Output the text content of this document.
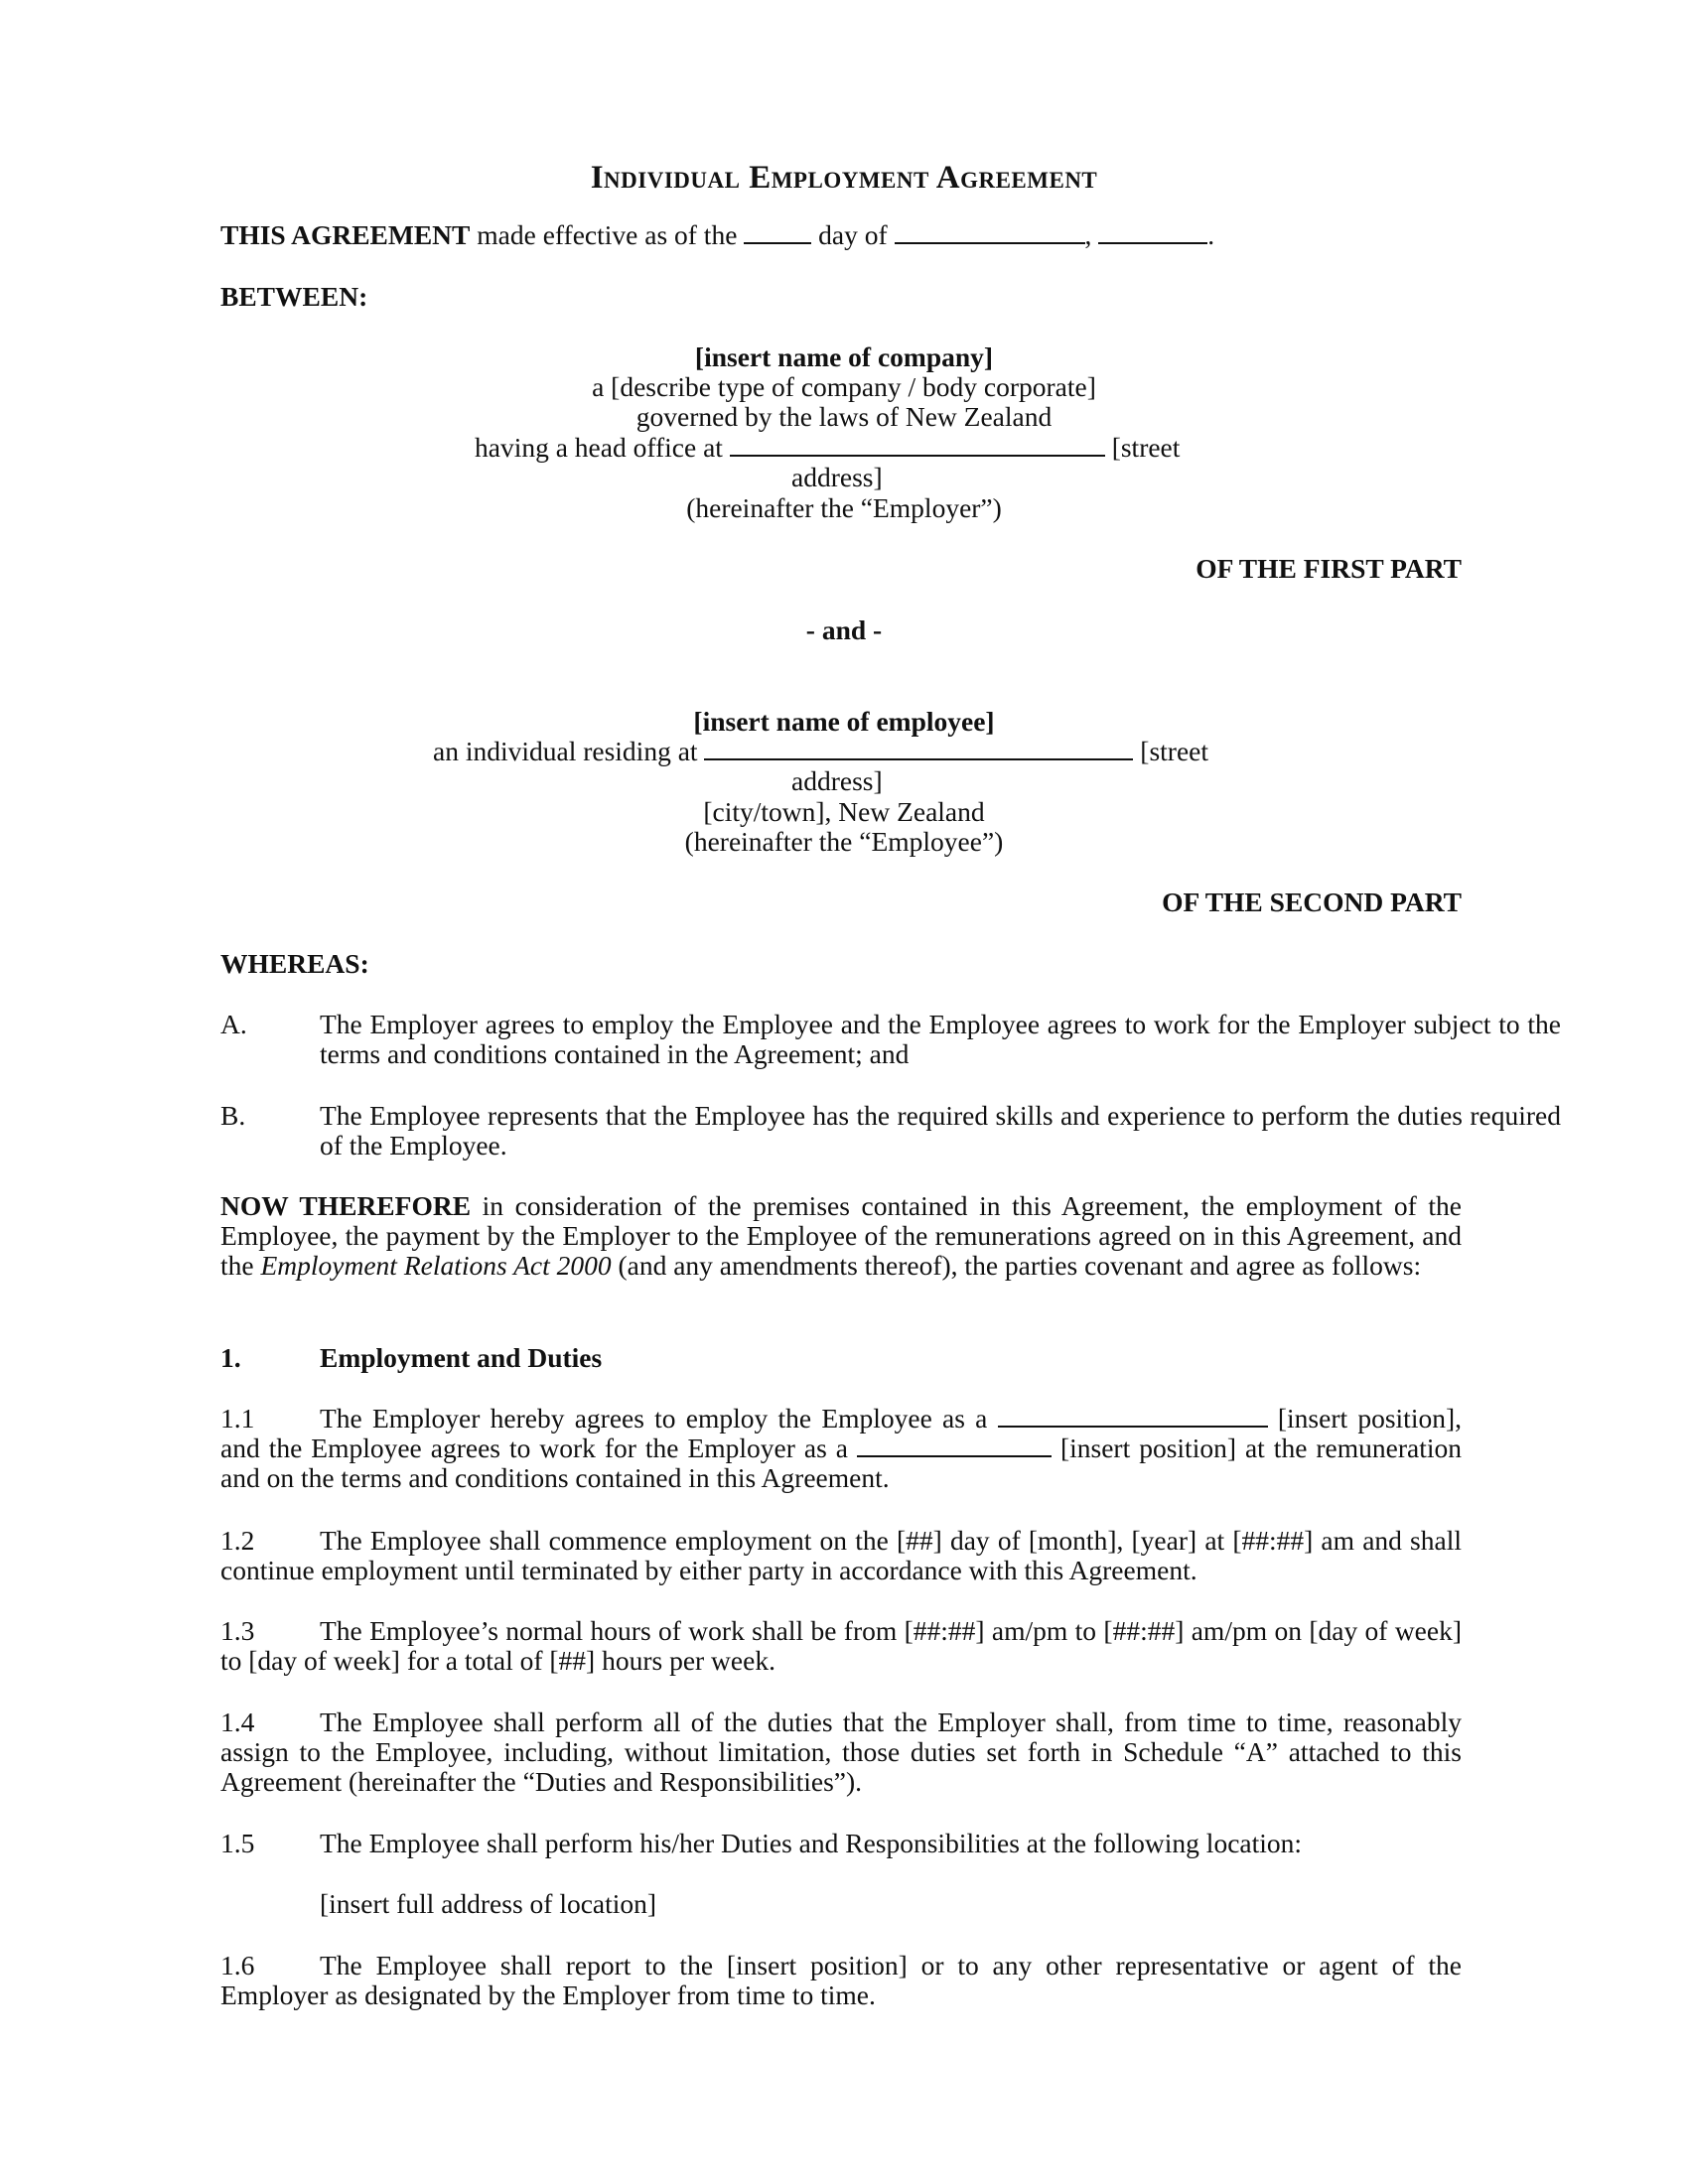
Individual Employment Agreement
THIS AGREEMENT made effective as of the	day of	,	.
BETWEEN:
[insert name of company]
a [describe type of company / body corporate]
governed by the laws of New Zealand
having a head office at	[street
address]
(hereinafter the “Employer”)
OF THE FIRST PART
- and -
[insert name of employee]
an individual residing at	[street
address]
[city/town], New Zealand
(hereinafter the “Employee”)
OF THE SECOND PART
WHEREAS:
A.	The Employer agrees to employ the Employee and the Employee agrees to work for the Employer subject to the terms and conditions contained in the Agreement; and
B.	The Employee represents that the Employee has the required skills and experience to perform the duties required of the Employee.
NOW THEREFORE in consideration of the premises contained in this Agreement, the employment of the Employee, the payment by the Employer to the Employee of the remunerations agreed on in this Agreement, and the Employment Relations Act 2000 (and any amendments thereof), the parties covenant and agree as follows:
1.	Employment and Duties
1.1 The Employer hereby agrees to employ the Employee as a	[insert position], and the Employee agrees to work for the Employer as a	[insert position] at the remuneration and on the terms and conditions contained in this Agreement.
1.2 The Employee shall commence employment on the [##] day of [month], [year] at [##:##] am and shall continue employment until terminated by either party in accordance with this Agreement.
1.3 The Employee’s normal hours of work shall be from [##:##] am/pm to [##:##] am/pm on [day of week] to [day of week] for a total of [##] hours per week.
1.4 The Employee shall perform all of the duties that the Employer shall, from time to time, reasonably assign to the Employee, including, without limitation, those duties set forth in Schedule “A” attached to this Agreement (hereinafter the “Duties and Responsibilities”).
1.5 The Employee shall perform his/her Duties and Responsibilities at the following location:
[insert full address of location]
1.6 The Employee shall report to the [insert position] or to any other representative or agent of the Employer as designated by the Employer from time to time.
